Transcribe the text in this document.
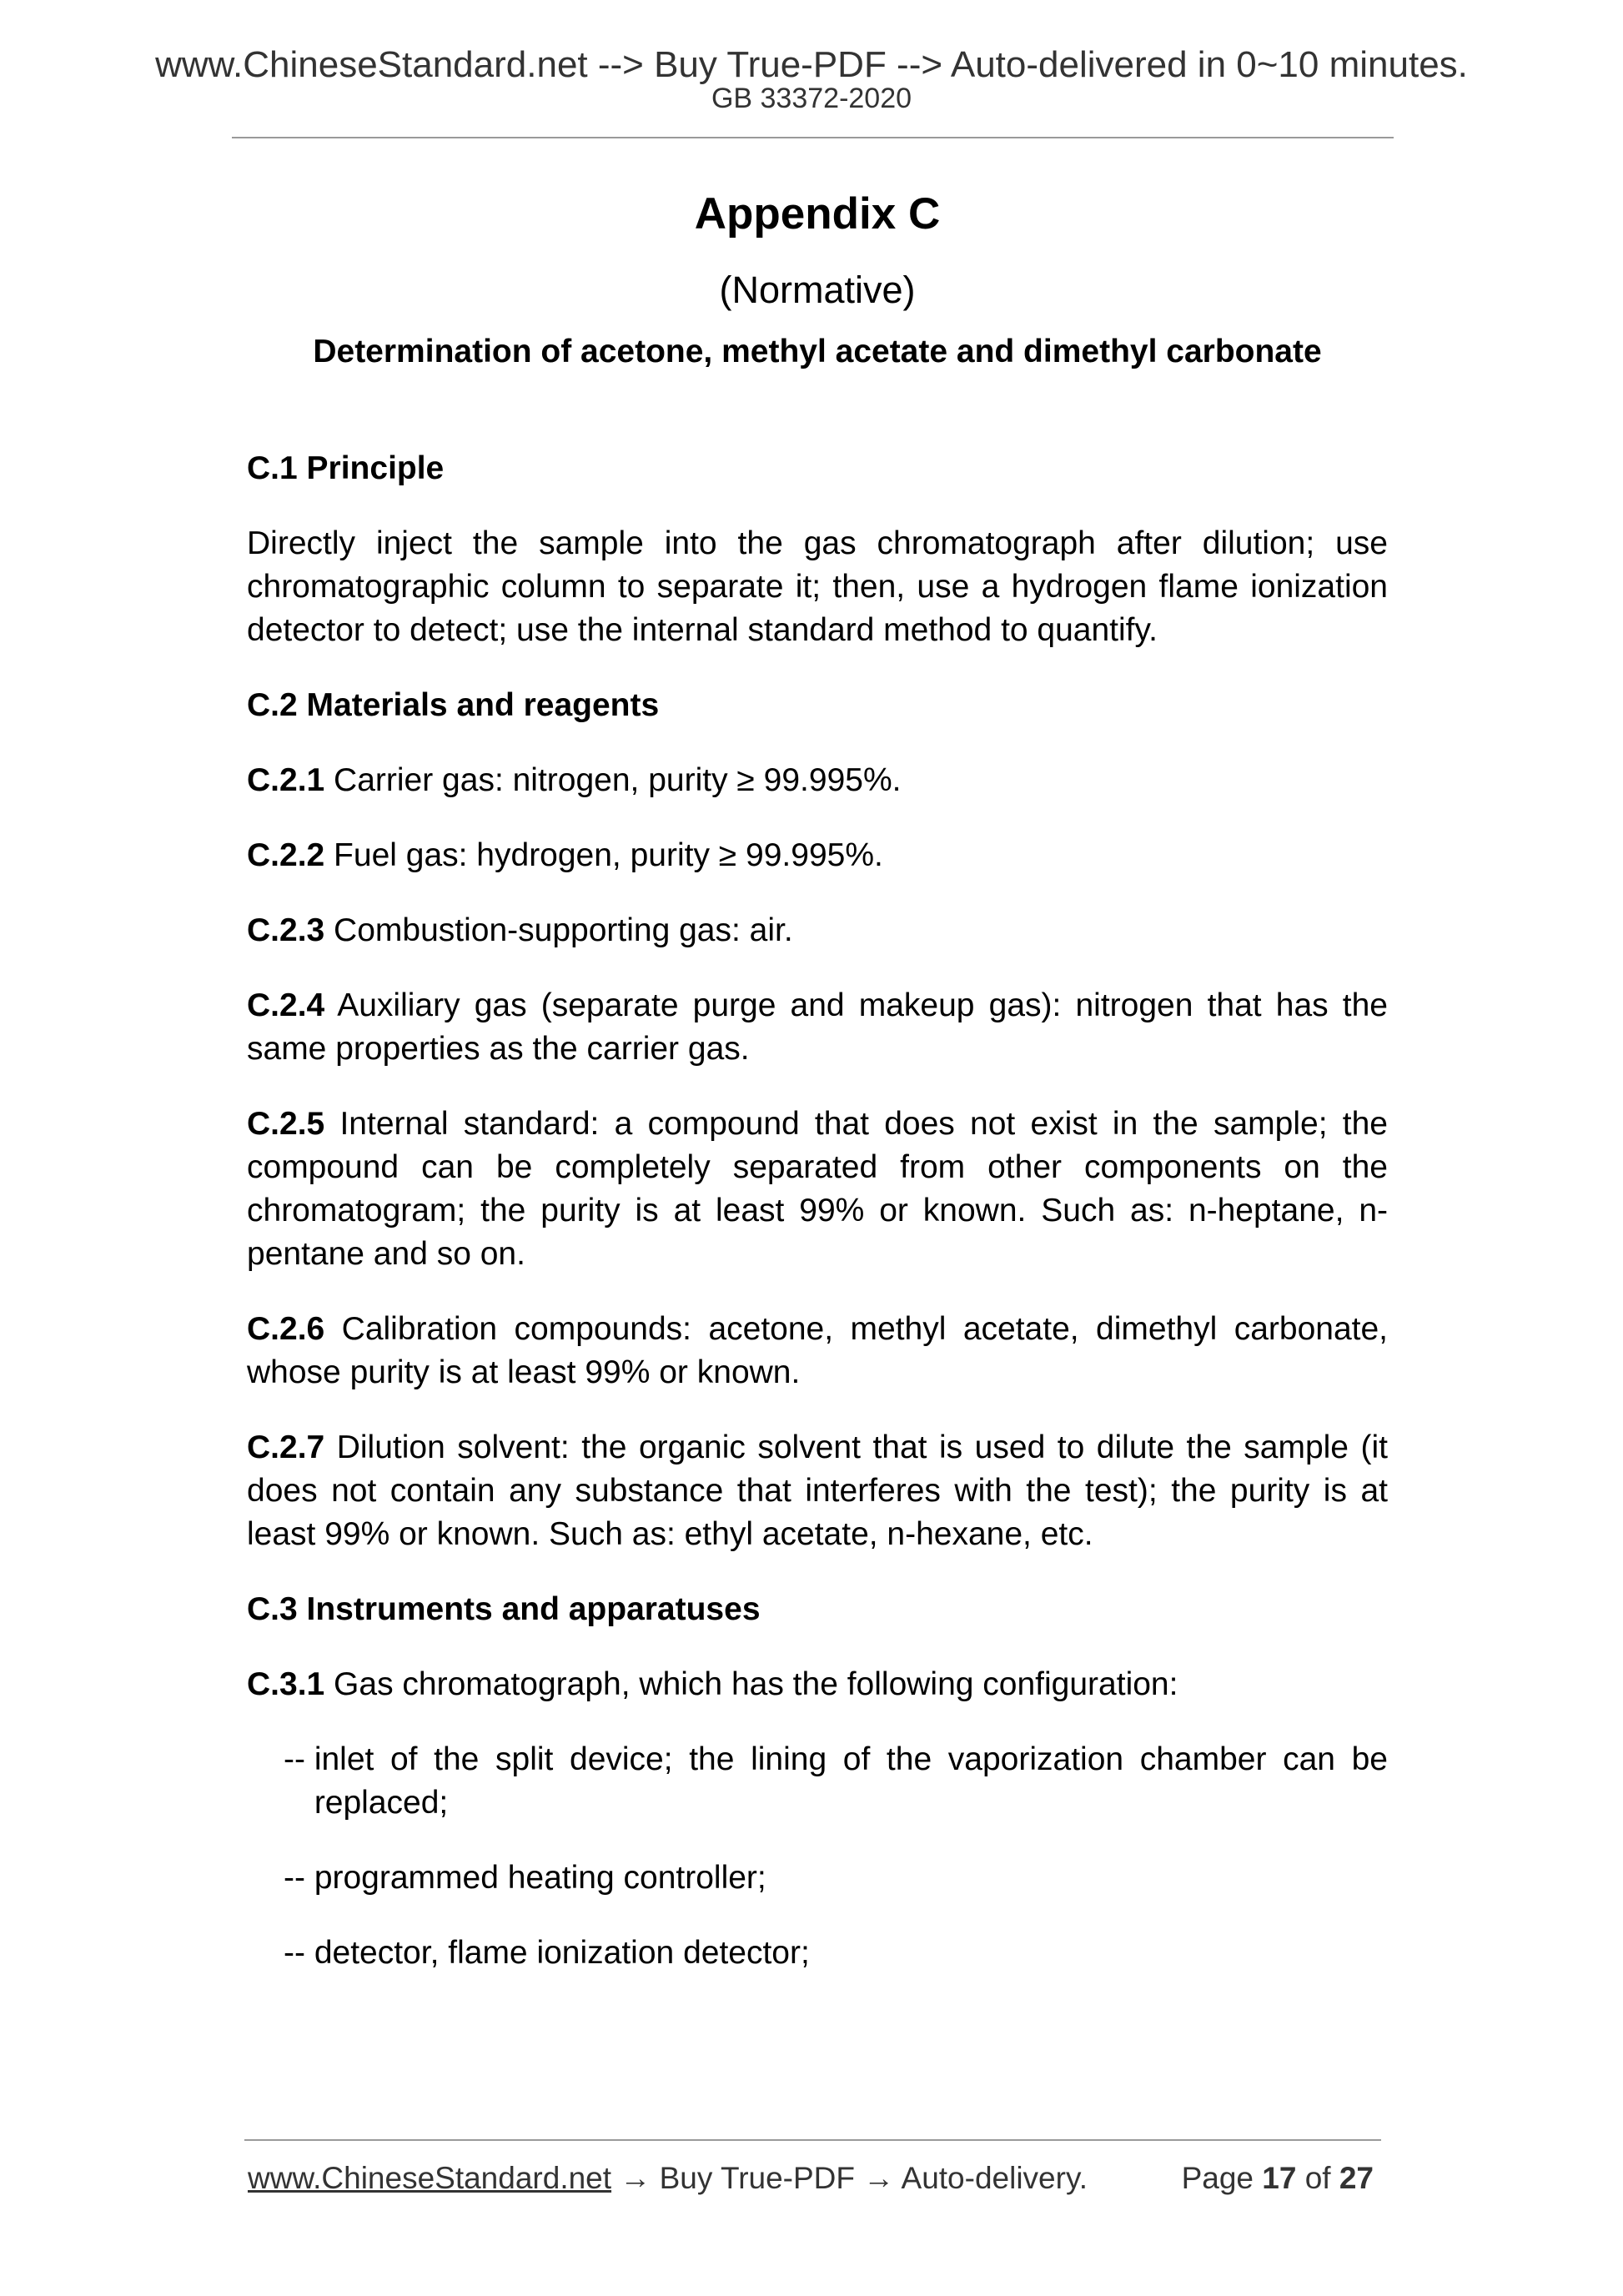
www.ChineseStandard.net --> Buy True-PDF --> Auto-delivered in 0~10 minutes.
GB 33372-2020
Appendix C
(Normative)
Determination of acetone, methyl acetate and dimethyl carbonate

C.1 Principle

Directly inject the sample into the gas chromatograph after dilution; use chromatographic column to separate it; then, use a hydrogen flame ionization detector to detect; use the internal standard method to quantify.

C.2 Materials and reagents

C.2.1 Carrier gas: nitrogen, purity ≥ 99.995%.

C.2.2 Fuel gas: hydrogen, purity ≥ 99.995%.

C.2.3 Combustion-supporting gas: air.

C.2.4 Auxiliary gas (separate purge and makeup gas): nitrogen that has the same properties as the carrier gas.

C.2.5 Internal standard: a compound that does not exist in the sample; the compound can be completely separated from other components on the chromatogram; the purity is at least 99% or known. Such as: n-heptane, n-pentane and so on.

C.2.6 Calibration compounds: acetone, methyl acetate, dimethyl carbonate, whose purity is at least 99% or known.

C.2.7 Dilution solvent: the organic solvent that is used to dilute the sample (it does not contain any substance that interferes with the test); the purity is at least 99% or known. Such as: ethyl acetate, n-hexane, etc.

C.3 Instruments and apparatuses

C.3.1 Gas chromatograph, which has the following configuration:

-- inlet of the split device; the lining of the vaporization chamber can be replaced;
-- programmed heating controller;
-- detector, flame ionization detector;
www.ChineseStandard.net → Buy True-PDF → Auto-delivery.	Page 17 of 27
